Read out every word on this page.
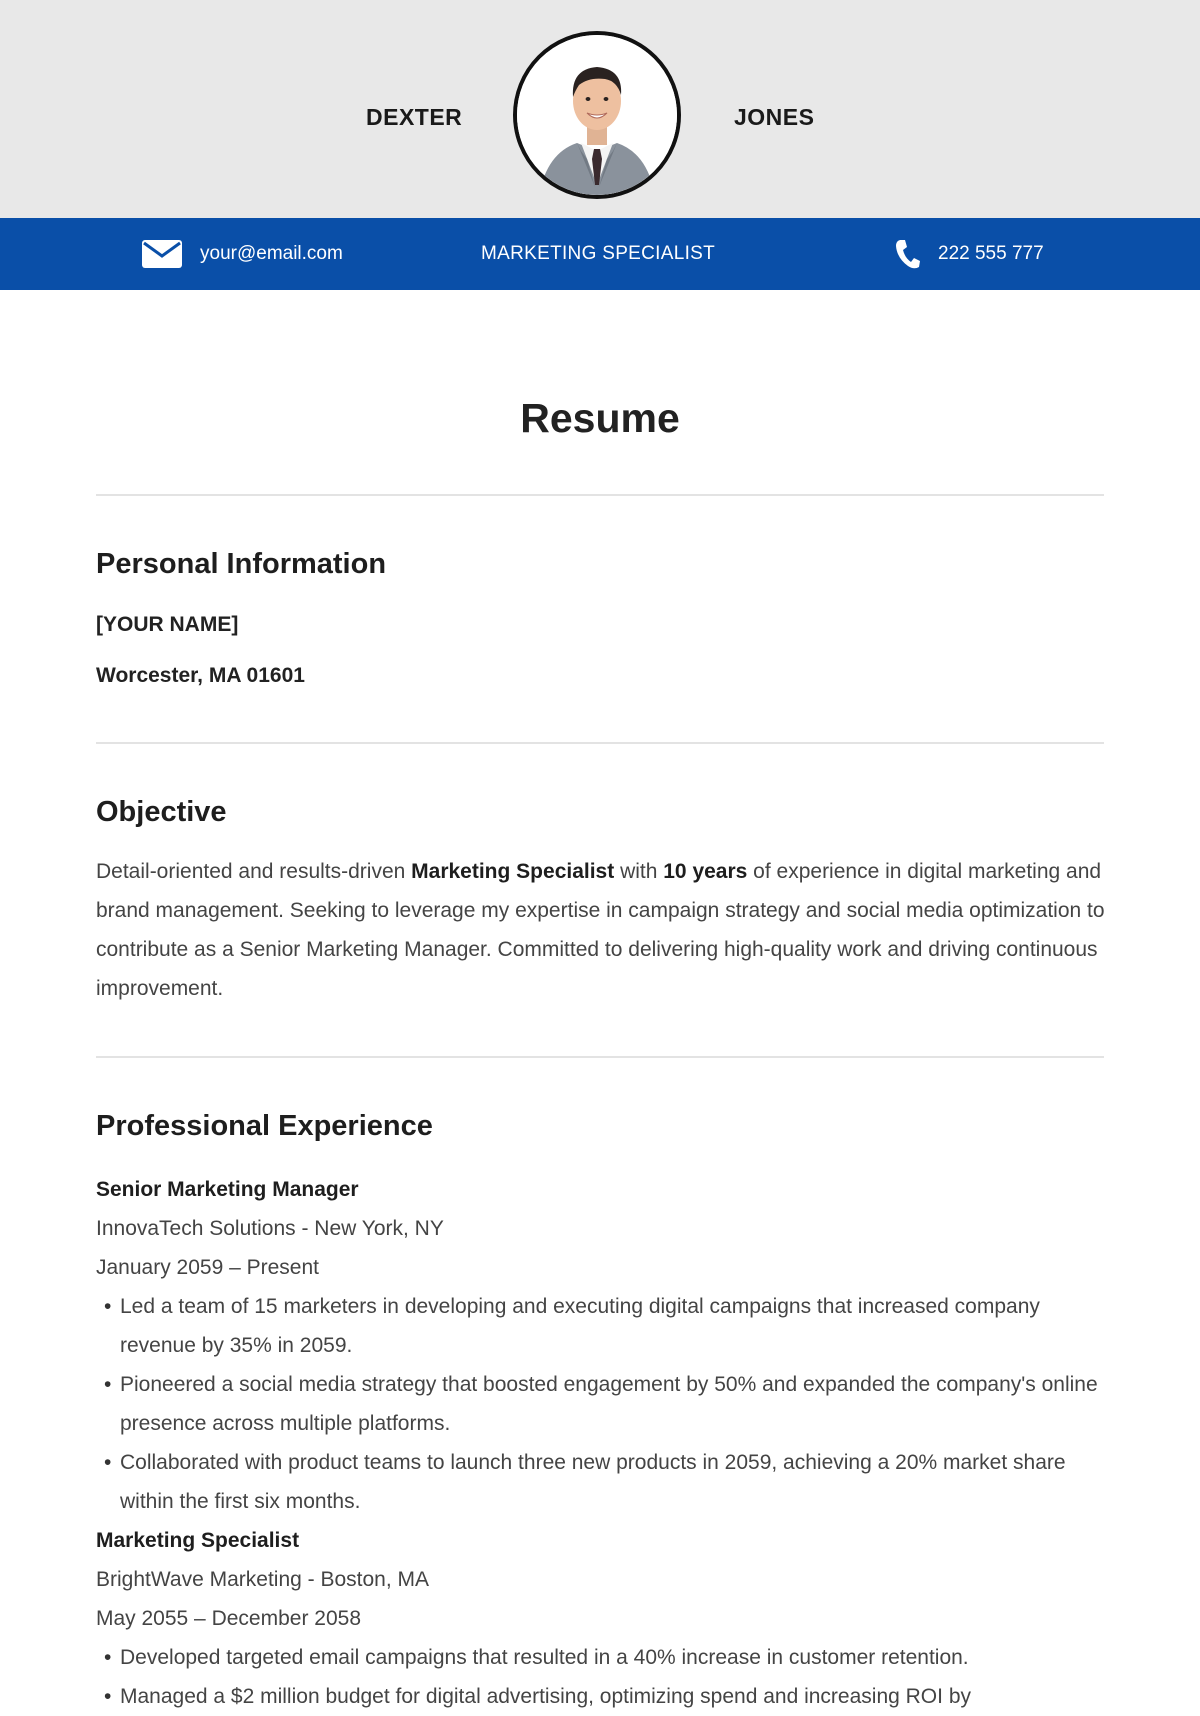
DEXTER	JONES
your@email.com	MARKETING SPECIALIST	222 555 777
Resume
Personal Information
[YOUR NAME]
Worcester, MA 01601
Objective
Detail-oriented and results-driven Marketing Specialist with 10 years of experience in digital marketing and brand management. Seeking to leverage my expertise in campaign strategy and social media optimization to contribute as a Senior Marketing Manager. Committed to delivering high-quality work and driving continuous improvement.
Professional Experience
Senior Marketing Manager
InnovaTech Solutions - New York, NY
January 2059 – Present
• Led a team of 15 marketers in developing and executing digital campaigns that increased company revenue by 35% in 2059.
• Pioneered a social media strategy that boosted engagement by 50% and expanded the company's online presence across multiple platforms.
• Collaborated with product teams to launch three new products in 2059, achieving a 20% market share within the first six months.
Marketing Specialist
BrightWave Marketing - Boston, MA
May 2055 – December 2058
• Developed targeted email campaigns that resulted in a 40% increase in customer retention.
• Managed a $2 million budget for digital advertising, optimizing spend and increasing ROI by
